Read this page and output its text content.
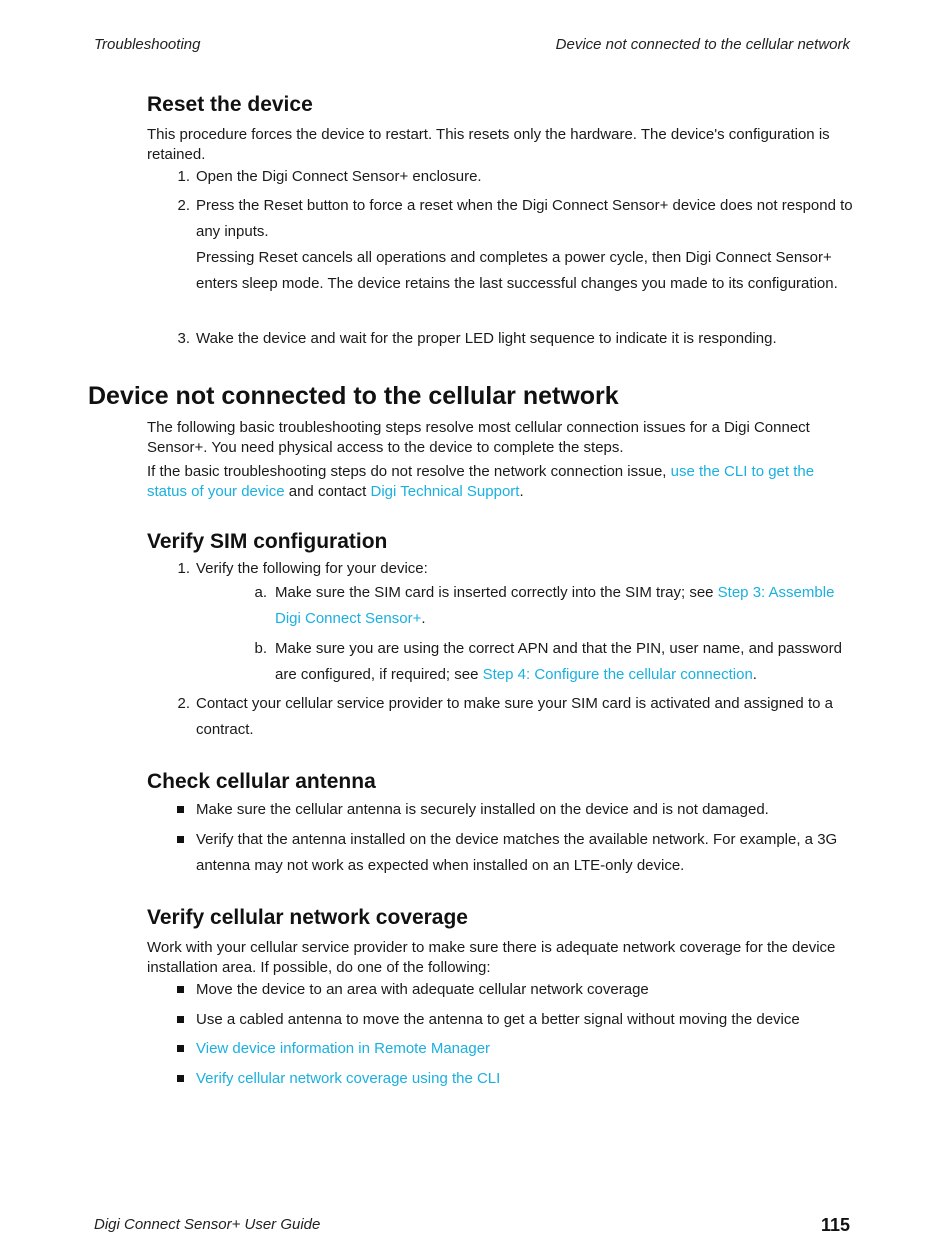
Troubleshooting	Device not connected to the cellular network
Reset the device

This procedure forces the device to restart. This resets only the hardware. The device's configuration is retained.

1. Open the Digi Connect Sensor+ enclosure.
2. Press the Reset button to force a reset when the Digi Connect Sensor+ device does not respond to any inputs.
Pressing Reset cancels all operations and completes a power cycle, then Digi Connect Sensor+ enters sleep mode. The device retains the last successful changes you made to its configuration.
3. Wake the device and wait for the proper LED light sequence to indicate it is responding.
Device not connected to the cellular network

The following basic troubleshooting steps resolve most cellular connection issues for a Digi Connect Sensor+. You need physical access to the device to complete the steps.

If the basic troubleshooting steps do not resolve the network connection issue, use the CLI to get the status of your device and contact Digi Technical Support.

Verify SIM configuration
1. Verify the following for your device:
a. Make sure the SIM card is inserted correctly into the SIM tray; see Step 3: Assemble Digi Connect Sensor+.
b. Make sure you are using the correct APN and that the PIN, user name, and password are configured, if required; see Step 4: Configure the cellular connection.
2. Contact your cellular service provider to make sure your SIM card is activated and assigned to a contract.
Check cellular antenna
Make sure the cellular antenna is securely installed on the device and is not damaged.
Verify that the antenna installed on the device matches the available network. For example, a 3G antenna may not work as expected when installed on an LTE-only device.
Verify cellular network coverage

Work with your cellular service provider to make sure there is adequate network coverage for the device installation area. If possible, do one of the following:

Move the device to an area with adequate cellular network coverage
Use a cabled antenna to move the antenna to get a better signal without moving the device
View device information in Remote Manager
Verify cellular network coverage using the CLI
Digi Connect Sensor+ User Guide	115
